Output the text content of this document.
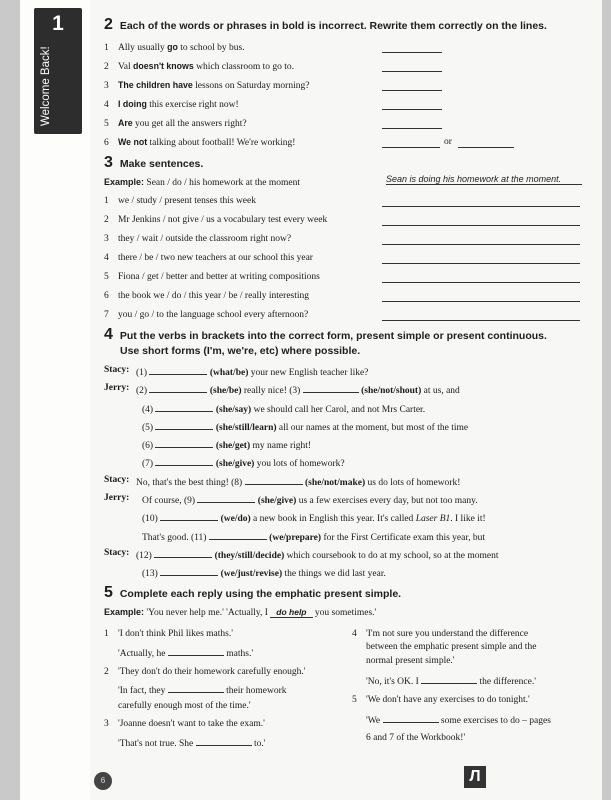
1
Welcome Back!
2 Each of the words or phrases in bold is incorrect. Rewrite them correctly on the lines.
1 Ally usually go to school by bus.
2 Val doesn't knows which classroom to go to.
3 The children have lessons on Saturday morning?
4 I doing this exercise right now!
5 Are you get all the answers right?
6 We not talking about football! We're working!	or
3 Make sentences.
Example: Sean / do / his homework at the moment	Sean is doing his homework at the moment.
1 we / study / present tenses this week
2 Mr Jenkins / not give / us a vocabulary test every week
3 they / wait / outside the classroom right now?
4 there / be / two new teachers at our school this year
5 Fiona / get / better and better at writing compositions
6 the book we / do / this year / be / really interesting
7 you / go / to the language school every afternoon?
4 Put the verbs in brackets into the correct form, present simple or present continuous.
Use short forms (I'm, we're, etc) where possible.
Stacy: (1)	(what/be) your new English teacher like?
Jerry: (2)	(she/be) really nice! (3)	(she/not/shout) at us, and
(4)	(she/say) we should call her Carol, and not Mrs Carter.
(5)	(she/still/learn) all our names at the moment, but most of the time
(6)	(she/get) my name right!
(7)	(she/give) you lots of homework?
Stacy: No, that's the best thing! (8)	(she/not/make) us do lots of homework!
Jerry: Of course, (9)	(she/give) us a few exercises every day, but not too many.
(10)	(we/do) a new book in English this year. It's called Laser B1. I like it!
That's good. (11)	(we/prepare) for the First Certificate exam this year, but
Stacy: (12)	(they/still/decide) which coursebook to do at my school, so at the moment
(13)	(we/just/revise) the things we did last year.
5 Complete each reply using the emphatic present simple.
Example: 'You never help me.' 'Actually, I do help you sometimes.'
1 'I don't think Phil likes maths.'
'Actually, he	maths.'
2 'They don't do their homework carefully enough.'
'In fact, they	their homework
carefully enough most of the time.'
3 'Joanne doesn't want to take the exam.'
'That's not true. She	to.'
4 'I'm not sure you understand the difference
between the emphatic present simple and the
normal present simple.'
'No, it's OK. I	the difference.'
5 'We don't have any exercises to do tonight.'
'We	some exercises to do – pages
6 and 7 of the Workbook!'
6	Л
